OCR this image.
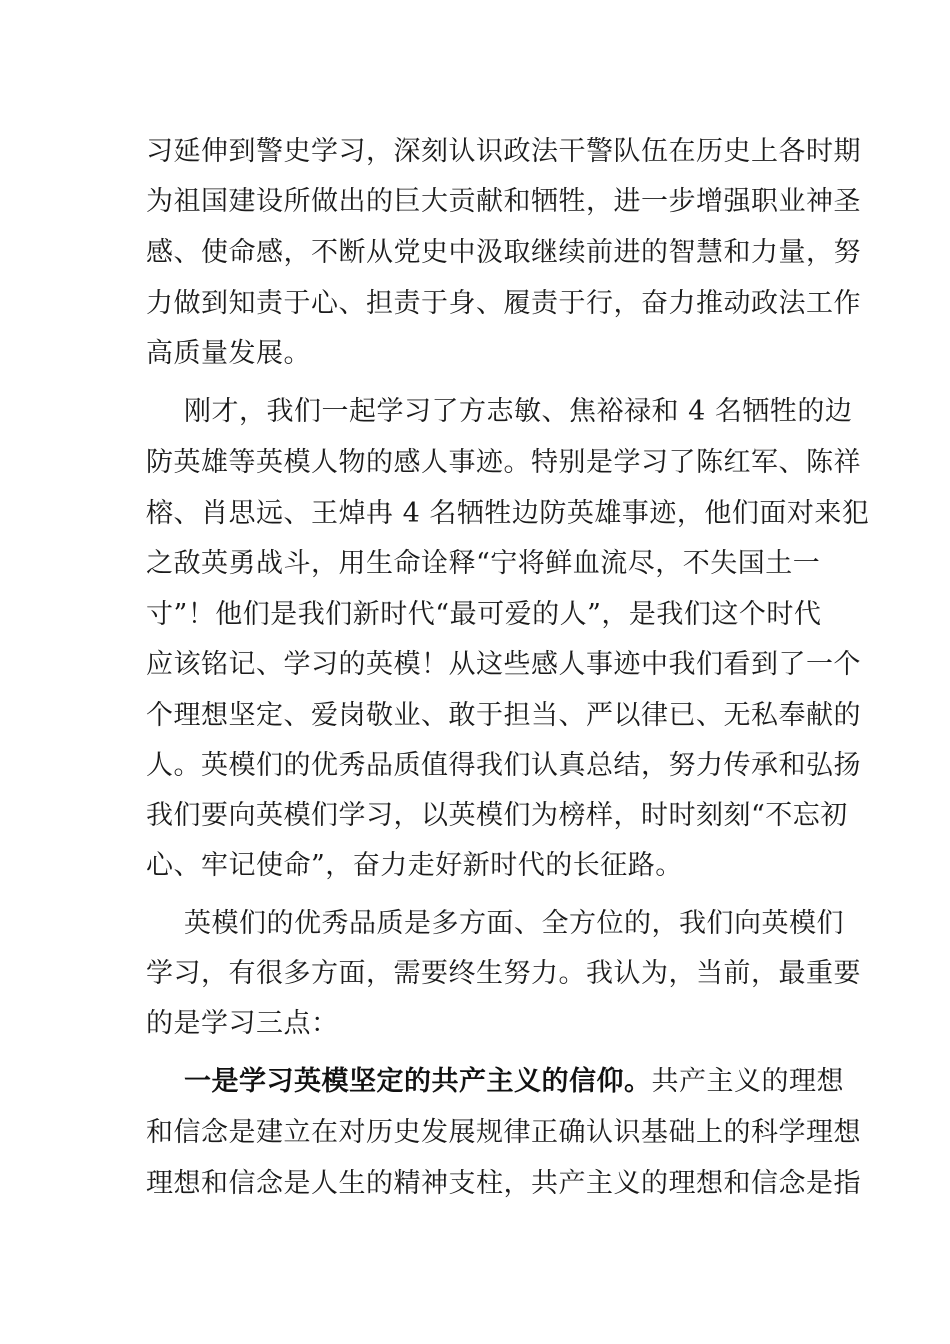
习延伸到警史学习，深刻认识政法干警队伍在历史上各时期
为祖国建设所做出的巨大贡献和牺牲，进一步增强职业神圣
感、使命感，不断从党史中汲取继续前进的智慧和力量，努
力做到知责于心、担责于身、履责于行，奋力推动政法工作
高质量发展。
刚才，我们一起学习了方志敏、焦裕禄和 4 名牺牲的边
防英雄等英模人物的感人事迹。特别是学习了陈红军、陈祥
榕、肖思远、王焯冉 4 名牺牲边防英雄事迹，他们面对来犯
之敌英勇战斗，用生命诠释“宁将鲜血流尽，不失国土一
寸”！他们是我们新时代“最可爱的人”，是我们这个时代
应该铭记、学习的英模！从这些感人事迹中我们看到了一个
个理想坚定、爱岗敬业、敢于担当、严以律已、无私奉献的
人。英模们的优秀品质值得我们认真总结，努力传承和弘扬
我们要向英模们学习，以英模们为榜样，时时刻刻“不忘初
心、牢记使命”，奋力走好新时代的长征路。
英模们的优秀品质是多方面、全方位的，我们向英模们
学习，有很多方面，需要终生努力。我认为，当前，最重要
的是学习三点：
一是学习英模坚定的共产主义的信仰。共产主义的理想
和信念是建立在对历史发展规律正确认识基础上的科学理想
理想和信念是人生的精神支柱，共产主义的理想和信念是指
